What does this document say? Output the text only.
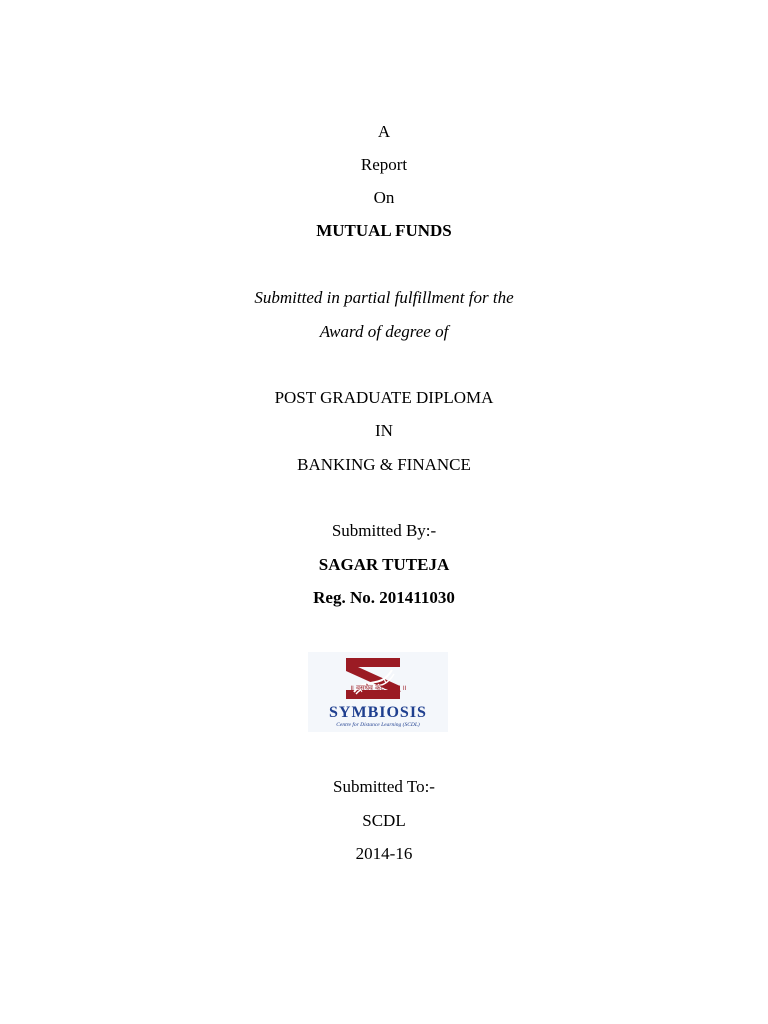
A
Report
On
MUTUAL FUNDS
Submitted in partial fulfillment for the
Award of degree of
POST GRADUATE DIPLOMA
IN
BANKING & FINANCE
Submitted By:-
SAGAR TUTEJA
Reg. No. 201411030
॥ वसुधैव कुटुम्बकम् ॥
SYMBIOSIS
Centre for Distance Learning (SCDL)
Submitted To:-
SCDL
2014-16
